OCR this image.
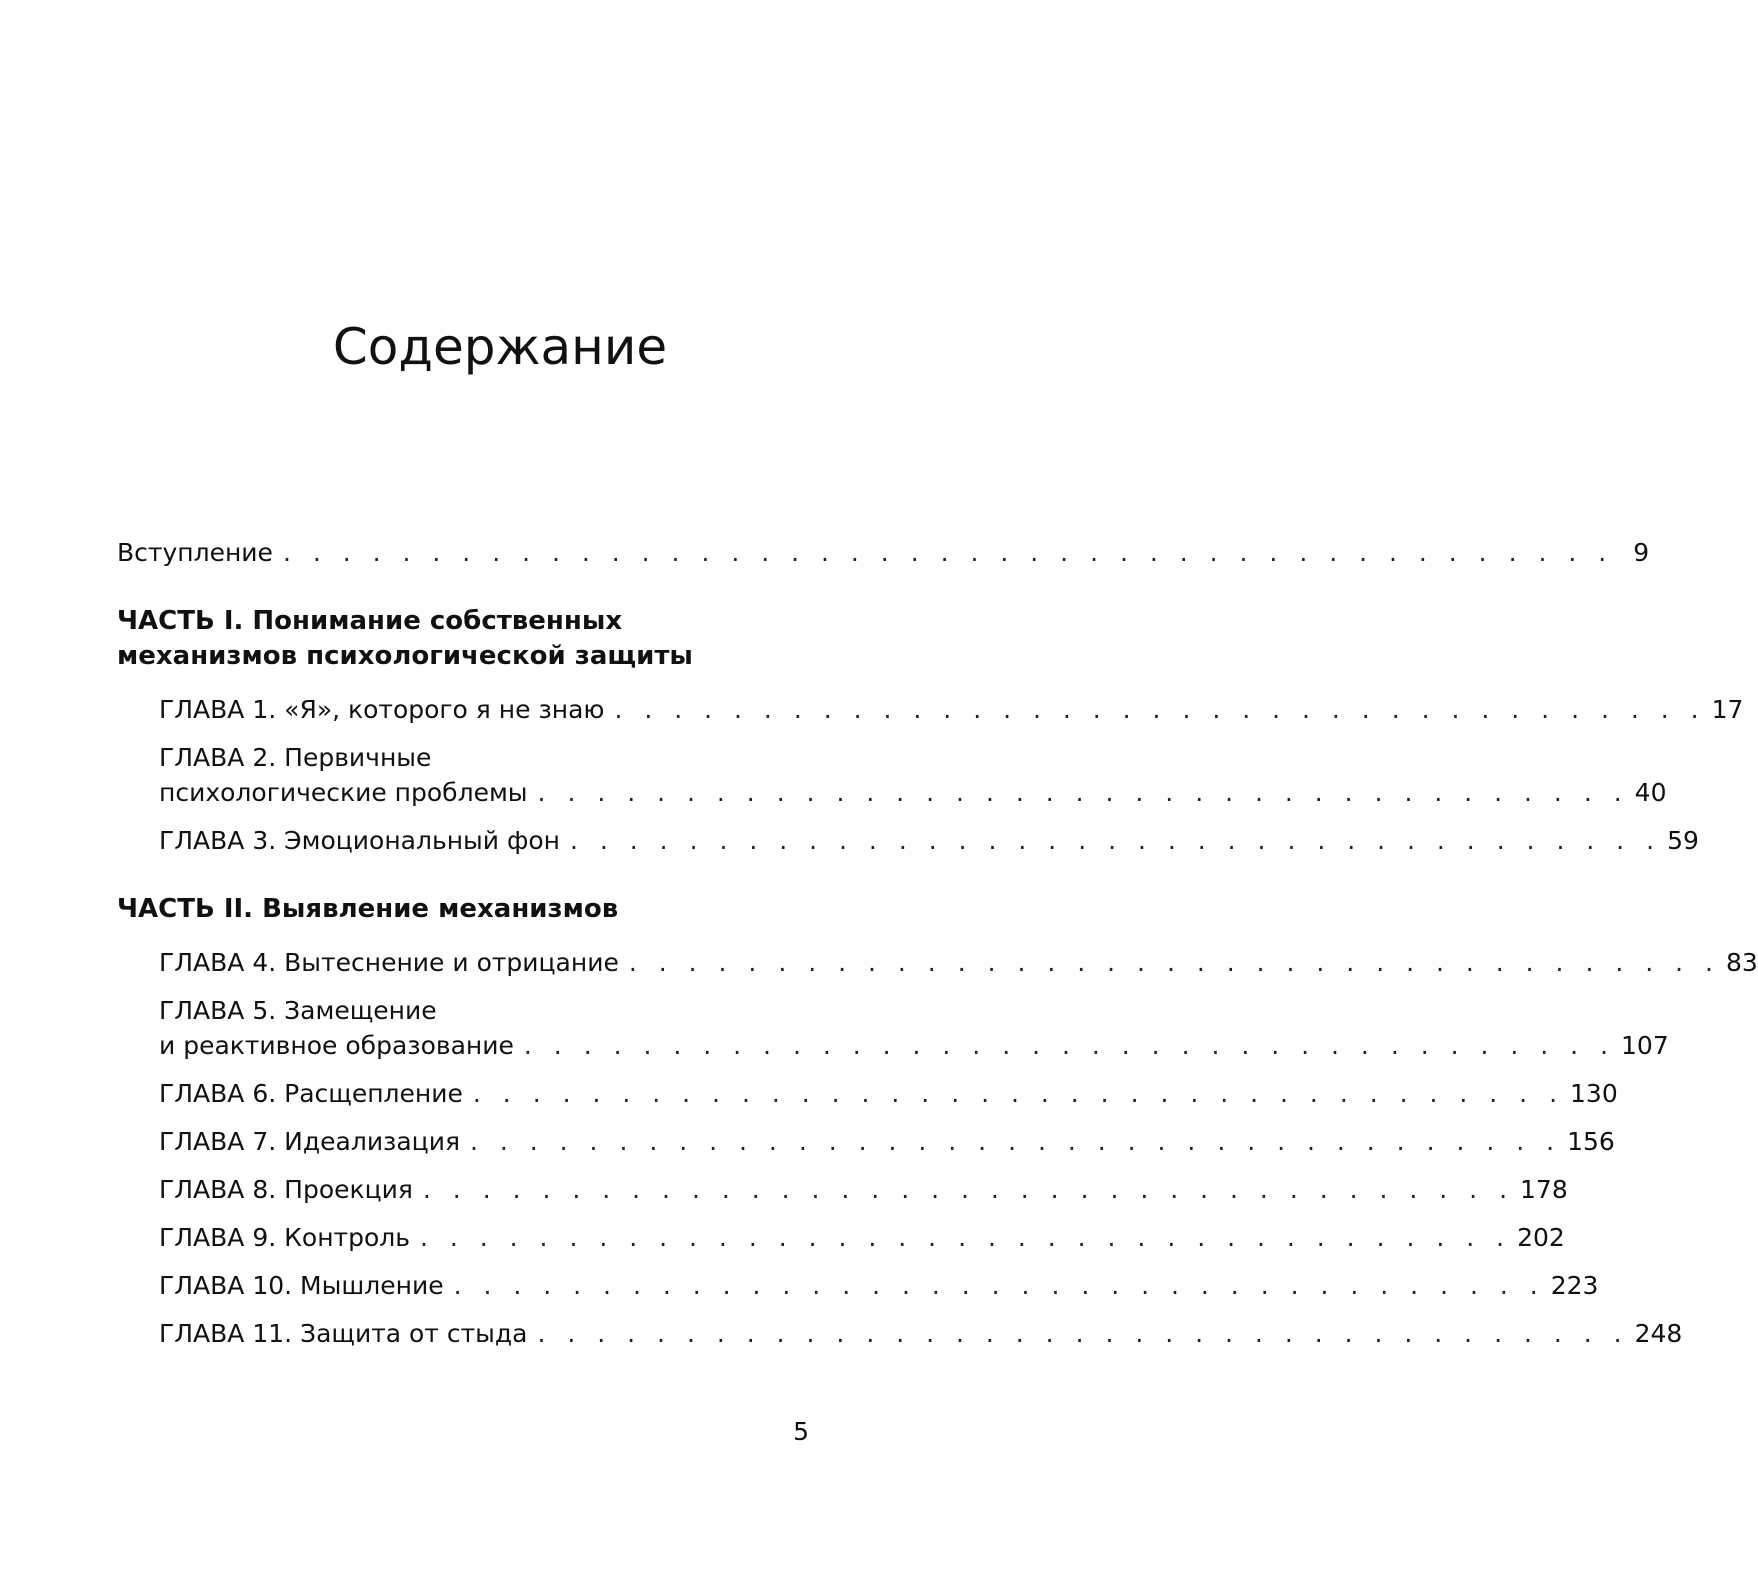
Содержание
Вступление . . . . . . . . . . . . . . . . . . . . . . . . . . . . . . . . . . . . . . . . . . . . . 9
ЧАСТЬ I. Понимание собственных
механизмов психологической защиты
ГЛАВА 1. «Я», которого я не знаю . . . . . . . . . . . . . . . . . . . . . . . . . . . . . . . . . . . . . 17
ГЛАВА 2. Первичные
психологические проблемы . . . . . . . . . . . . . . . . . . . . . . . . . . . . . . . . . . . . . 40
ГЛАВА 3. Эмоциональный фон . . . . . . . . . . . . . . . . . . . . . . . . . . . . . . . . . . . . . 59
ЧАСТЬ II. Выявление механизмов
ГЛАВА 4. Вытеснение и отрицание . . . . . . . . . . . . . . . . . . . . . . . . . . . . . . . . . . . . . 83
ГЛАВА 5. Замещение
и реактивное образование . . . . . . . . . . . . . . . . . . . . . . . . . . . . . . . . . . . . . 107
ГЛАВА 6. Расщепление . . . . . . . . . . . . . . . . . . . . . . . . . . . . . . . . . . . . . 130
ГЛАВА 7. Идеализация . . . . . . . . . . . . . . . . . . . . . . . . . . . . . . . . . . . . . 156
ГЛАВА 8. Проекция . . . . . . . . . . . . . . . . . . . . . . . . . . . . . . . . . . . . . 178
ГЛАВА 9. Контроль . . . . . . . . . . . . . . . . . . . . . . . . . . . . . . . . . . . . . 202
ГЛАВА 10. Мышление . . . . . . . . . . . . . . . . . . . . . . . . . . . . . . . . . . . . . 223
ГЛАВА 11. Защита от стыда . . . . . . . . . . . . . . . . . . . . . . . . . . . . . . . . . . . . . 248
5
